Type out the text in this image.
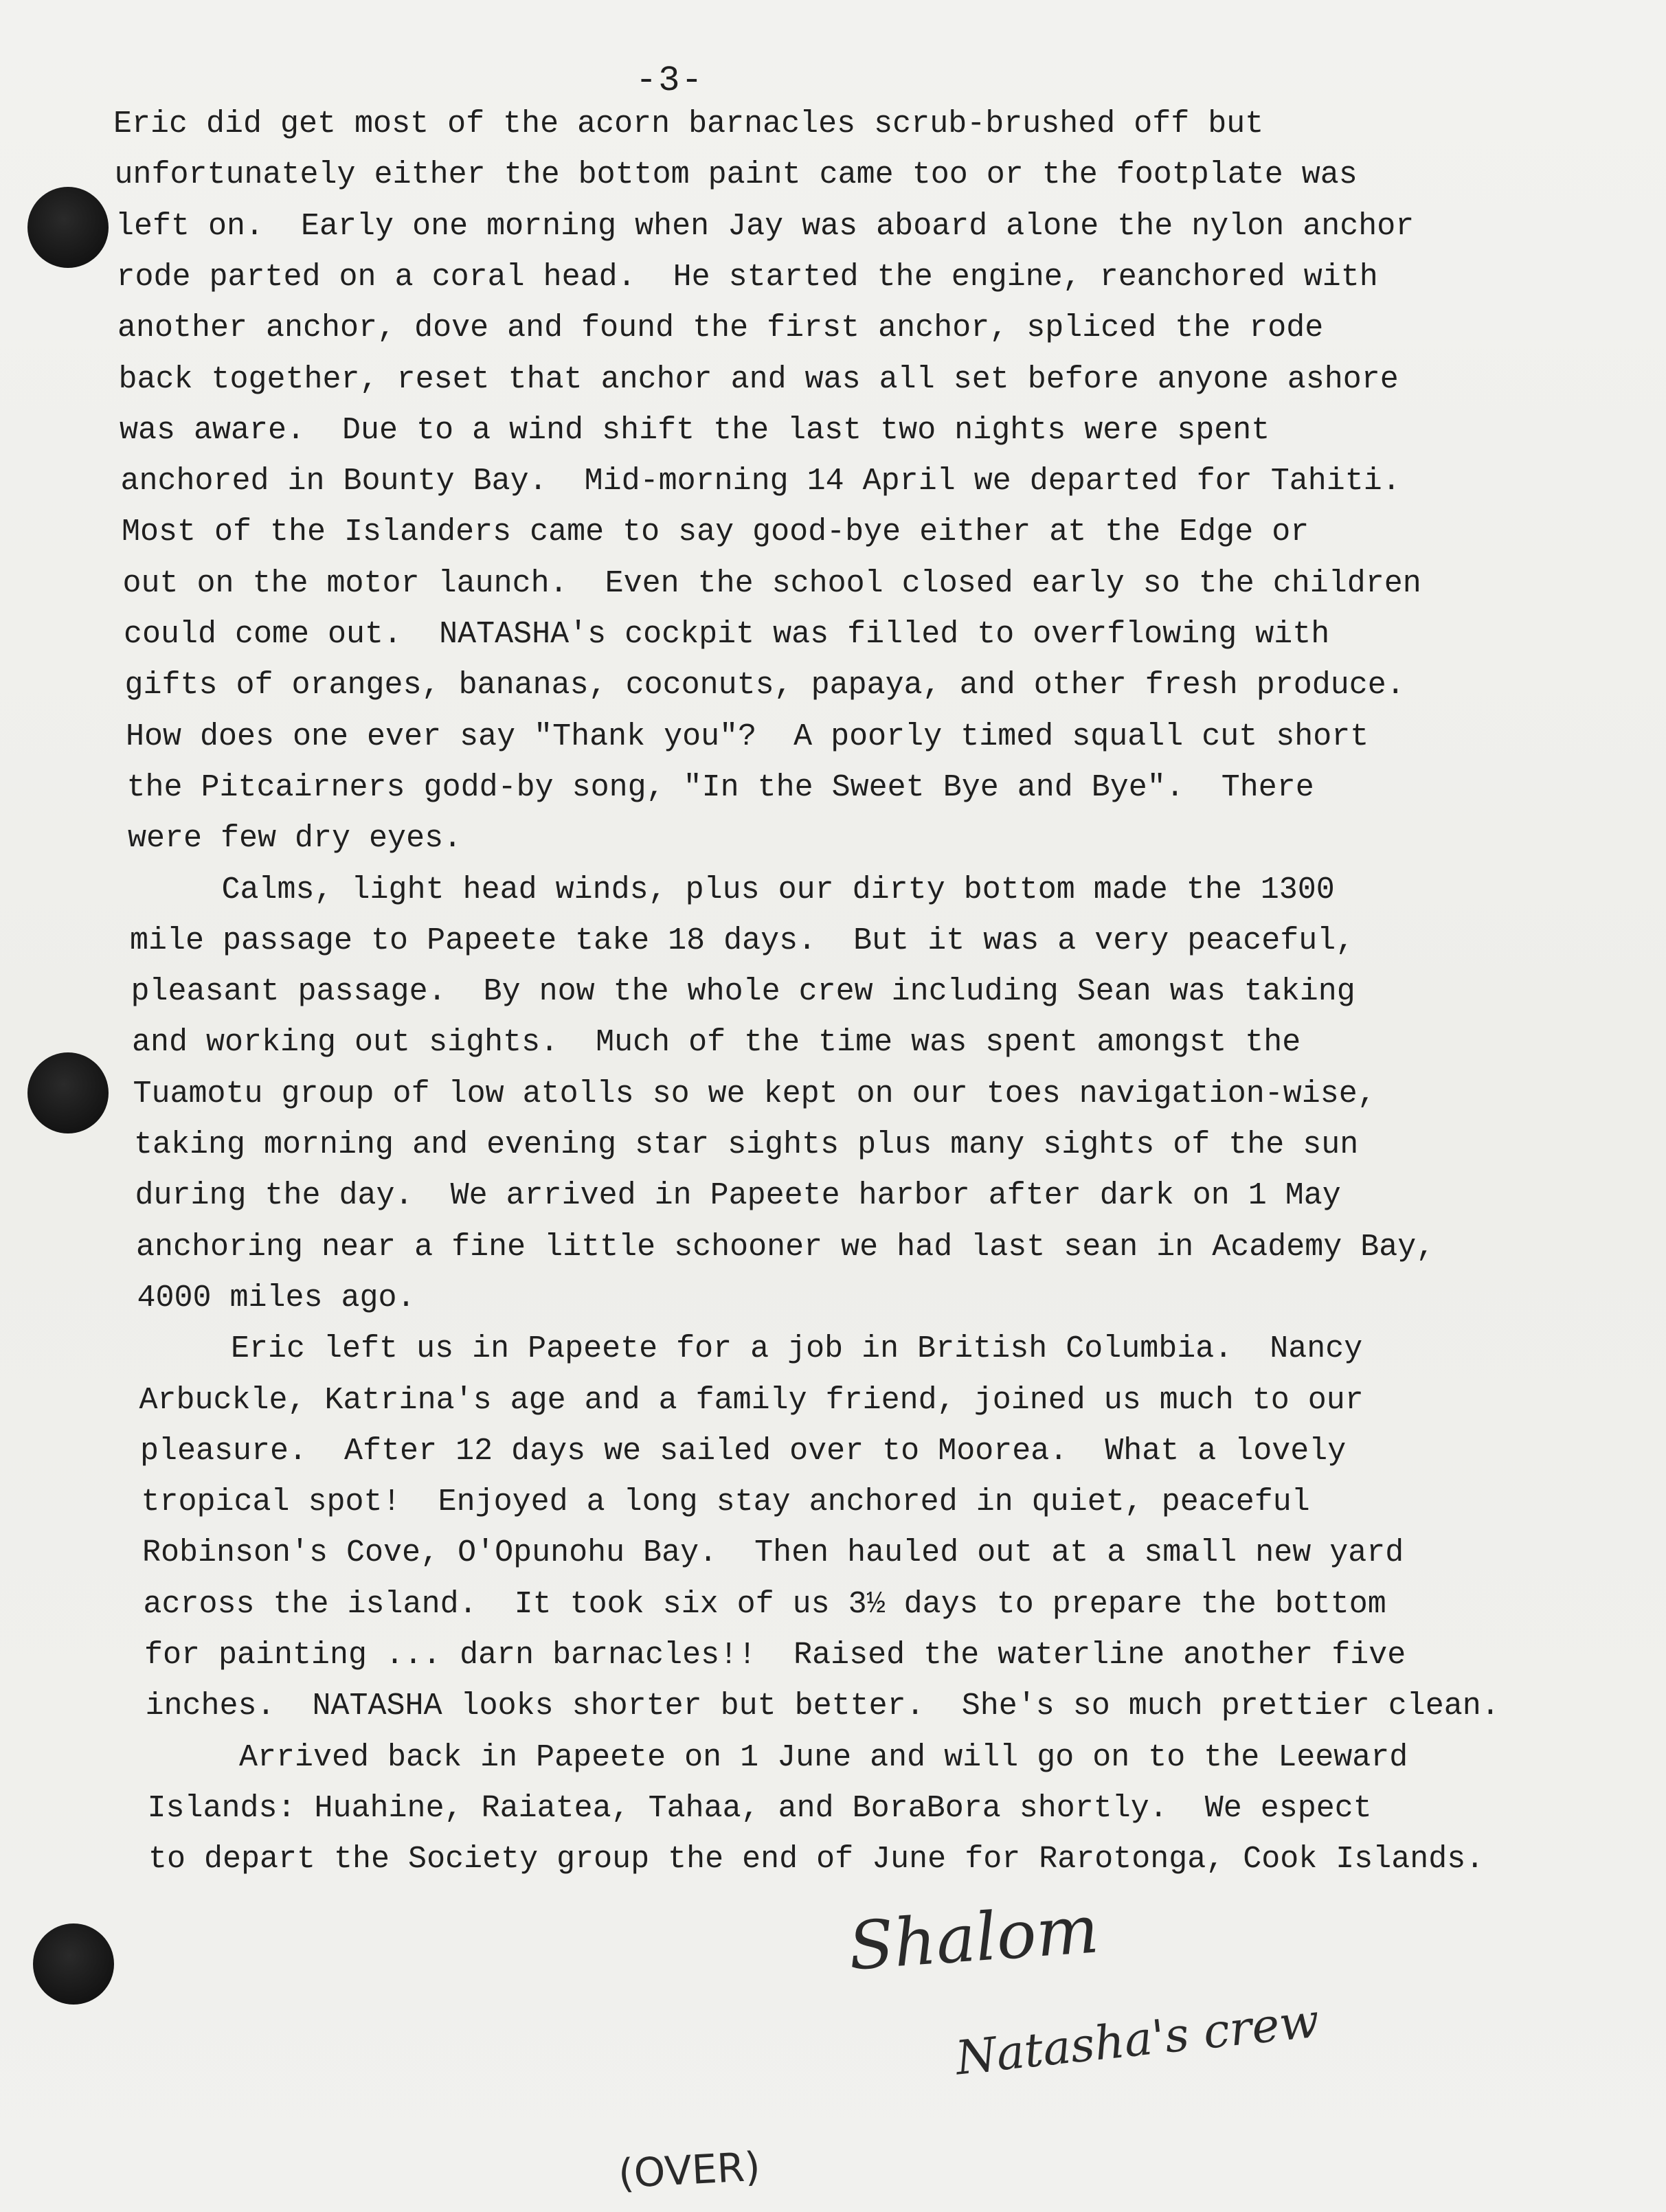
-3-
Eric did get most of the acorn barnacles scrub-brushed off but
unfortunately either the bottom paint came too or the footplate was
left on.  Early one morning when Jay was aboard alone the nylon anchor
rode parted on a coral head.  He started the engine, reanchored with
another anchor, dove and found the first anchor, spliced the rode
back together, reset that anchor and was all set before anyone ashore
was aware.  Due to a wind shift the last two nights were spent
anchored in Bounty Bay.  Mid-morning 14 April we departed for Tahiti.
Most of the Islanders came to say good-bye either at the Edge or
out on the motor launch.  Even the school closed early so the children
could come out.  NATASHA's cockpit was filled to overflowing with
gifts of oranges, bananas, coconuts, papaya, and other fresh produce.
How does one ever say "Thank you"?  A poorly timed squall cut short
the Pitcairners godd-by song, "In the Sweet Bye and Bye".  There
were few dry eyes.
Calms, light head winds, plus our dirty bottom made the 1300
mile passage to Papeete take 18 days.  But it was a very peaceful,
pleasant passage.  By now the whole crew including Sean was taking
and working out sights.  Much of the time was spent amongst the
Tuamotu group of low atolls so we kept on our toes navigation-wise,
taking morning and evening star sights plus many sights of the sun
during the day.  We arrived in Papeete harbor after dark on 1 May
anchoring near a fine little schooner we had last sean in Academy Bay,
4000 miles ago.
Eric left us in Papeete for a job in British Columbia.  Nancy
Arbuckle, Katrina's age and a family friend, joined us much to our
pleasure.  After 12 days we sailed over to Moorea.  What a lovely
tropical spot!  Enjoyed a long stay anchored in quiet, peaceful
Robinson's Cove, O'Opunohu Bay.  Then hauled out at a small new yard
across the island.  It took six of us 3½ days to prepare the bottom
for painting ... darn barnacles!!  Raised the waterline another five
inches.  NATASHA looks shorter but better.  She's so much prettier clean.
Arrived back in Papeete on 1 June and will go on to the Leeward
Islands: Huahine, Raiatea, Tahaa, and BoraBora shortly.  We espect
to depart the Society group the end of June for Rarotonga, Cook Islands.
Shalom
Natasha's crew
(OVER)
